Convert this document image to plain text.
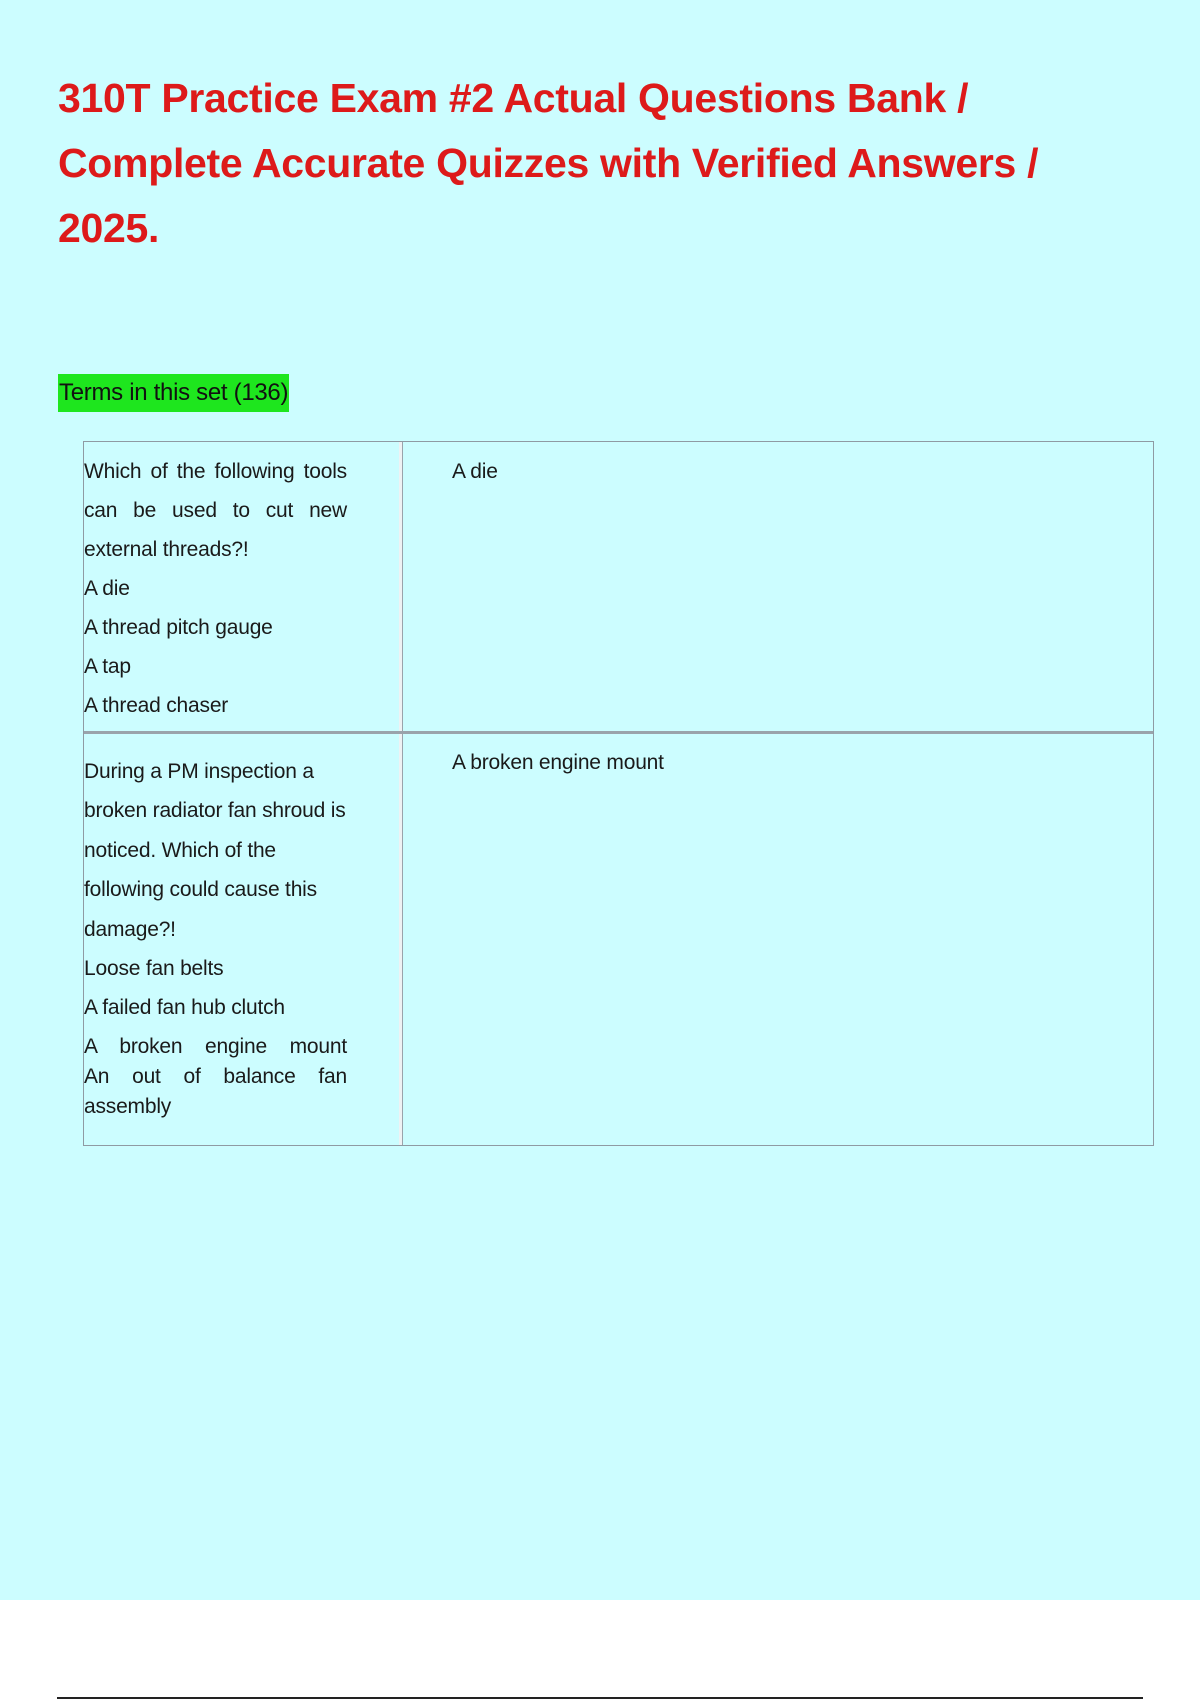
310T Practice Exam #2 Actual Questions Bank / Complete Accurate Quizzes with Verified Answers / 2025.
Terms in this set (136)
Which of the following tools can be used to cut new external threads?!
A die
A thread pitch gauge
A tap
A thread chaser
A die
During a PM inspection a broken radiator fan shroud is noticed. Which of the following could cause this damage?!
Loose fan belts
A failed fan hub clutch
A broken engine mount
An out of balance fan assembly
A broken engine mount
